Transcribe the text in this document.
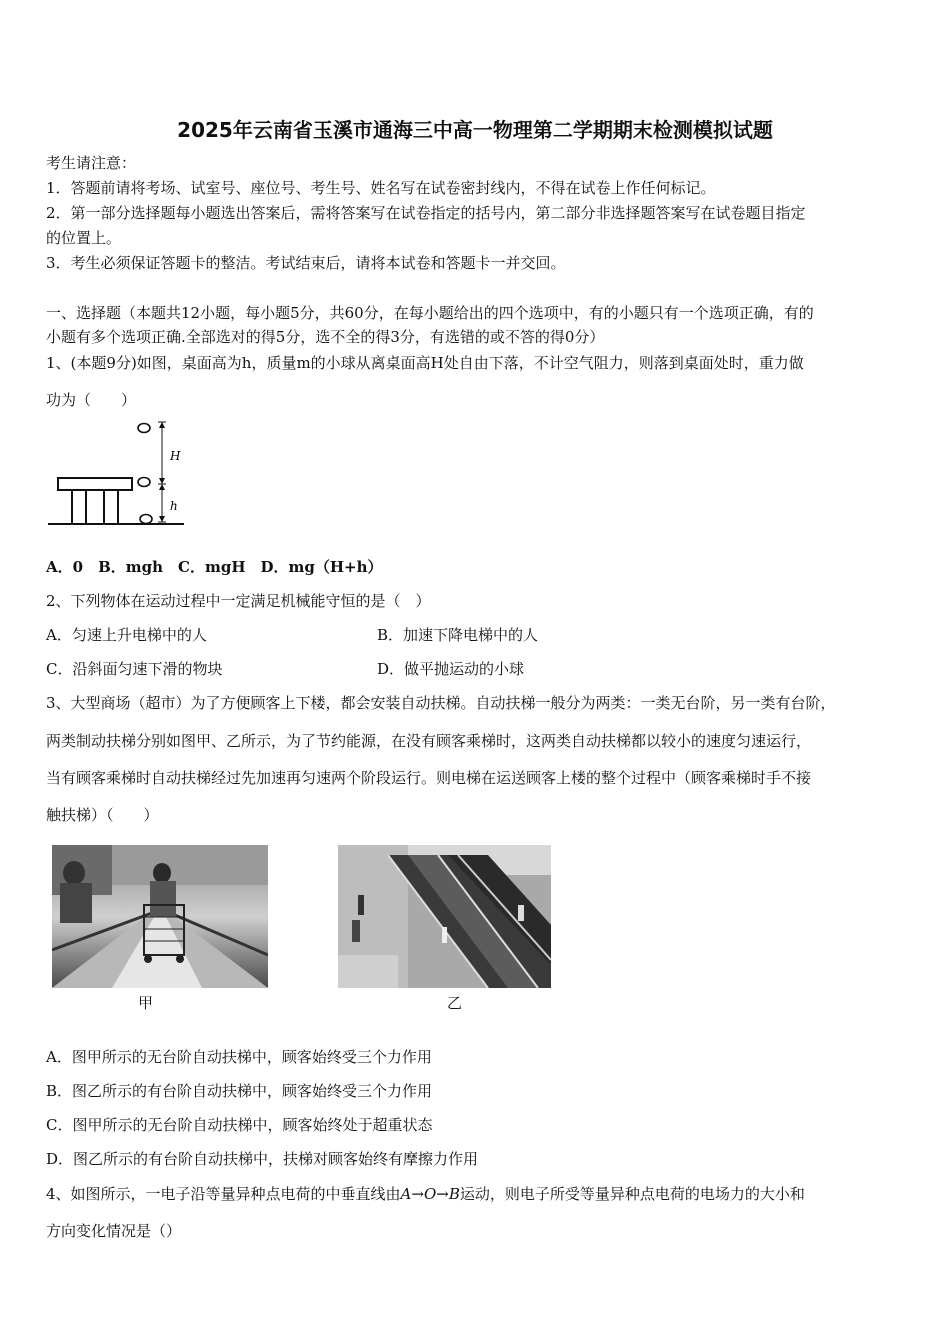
2025年云南省玉溪市通海三中高一物理第二学期期末检测模拟试题
考生请注意：
1．答题前请将考场、试室号、座位号、考生号、姓名写在试卷密封线内，不得在试卷上作任何标记。
2．第一部分选择题每小题选出答案后，需将答案写在试卷指定的括号内，第二部分非选择题答案写在试卷题目指定
的位置上。
3．考生必须保证答题卡的整洁。考试结束后，请将本试卷和答题卡一并交回。
一、选择题（本题共12小题，每小题5分，共60分，在每小题给出的四个选项中，有的小题只有一个选项正确，有的
小题有多个选项正确.全部选对的得5分，选不全的得3分，有选错的或不答的得0分）
1、(本题9分)如图，桌面高为h，质量m的小球从离桌面高H处自由下落，不计空气阻力，则落到桌面处时，重力做
功为（　　）
H
h
A．0　B．mgh　C．mgH　D．mg（H+h）
2、下列物体在运动过程中一定满足机械能守恒的是（　）
A．匀速上升电梯中的人	B．加速下降电梯中的人
C．沿斜面匀速下滑的物块	D．做平抛运动的小球
3、大型商场（超市）为了方便顾客上下楼，都会安装自动扶梯。自动扶梯一般分为两类：一类无台阶，另一类有台阶，
两类制动扶梯分别如图甲、乙所示，为了节约能源，在没有顾客乘梯时，这两类自动扶梯都以较小的速度匀速运行，
当有顾客乘梯时自动扶梯经过先加速再匀速两个阶段运行。则电梯在运送顾客上楼的整个过程中（顾客乘梯时手不接
触扶梯）（　　）
甲	乙
A．图甲所示的无台阶自动扶梯中，顾客始终受三个力作用
B．图乙所示的有台阶自动扶梯中，顾客始终受三个力作用
C．图甲所示的无台阶自动扶梯中，顾客始终处于超重状态
D．图乙所示的有台阶自动扶梯中，扶梯对顾客始终有摩擦力作用
4、如图所示，一电子沿等量异种点电荷的中垂直线由A→O→B运动，则电子所受等量异种点电荷的电场力的大小和
方向变化情况是（）
